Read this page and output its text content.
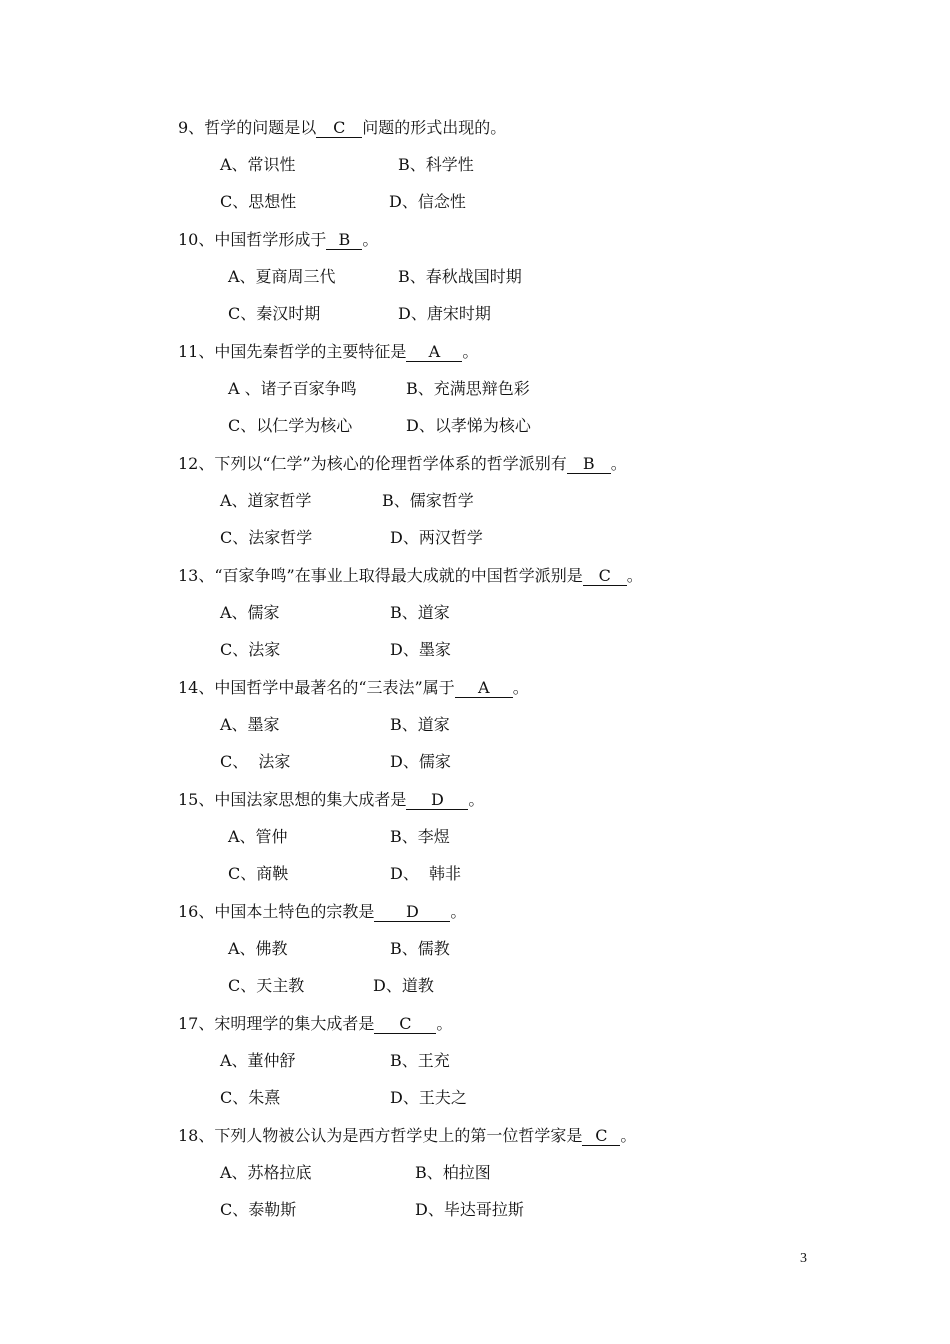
9、哲学的问题是以 C 问题的形式出现的。
A、常识性	B、科学性
C、思想性	D、信念性
10、中国哲学形成于 B 。
A、夏商周三代	B、春秋战国时期
C、秦汉时期	D、唐宋时期
11、中国先秦哲学的主要特征是 A 。
A 、诸子百家争鸣	B、充满思辩色彩
C、以仁学为核心	D、以孝悌为核心
12、下列以“仁学”为核心的伦理哲学体系的哲学派别有 B 。
A、道家哲学	B、儒家哲学
C、法家哲学	D、两汉哲学
13、“百家争鸣”在事业上取得最大成就的中国哲学派别是 C 。
A、儒家	B、道家
C、法家	D、墨家
14、中国哲学中最著名的“三表法”属于 A 。
A、墨家	B、道家
C、  法家	D、儒家
15、中国法家思想的集大成者是 D 。
A、管仲	B、李煜
C、商鞅	D、  韩非
16、中国本土特色的宗教是 D 。
A、佛教	B、儒教
C、天主教	D、道教
17、宋明理学的集大成者是 C 。
A、董仲舒	B、王充
C、朱熹	D、王夫之
18、下列人物被公认为是西方哲学史上的第一位哲学家是 C 。
A、苏格拉底	B、柏拉图
C、泰勒斯	D、毕达哥拉斯
3
